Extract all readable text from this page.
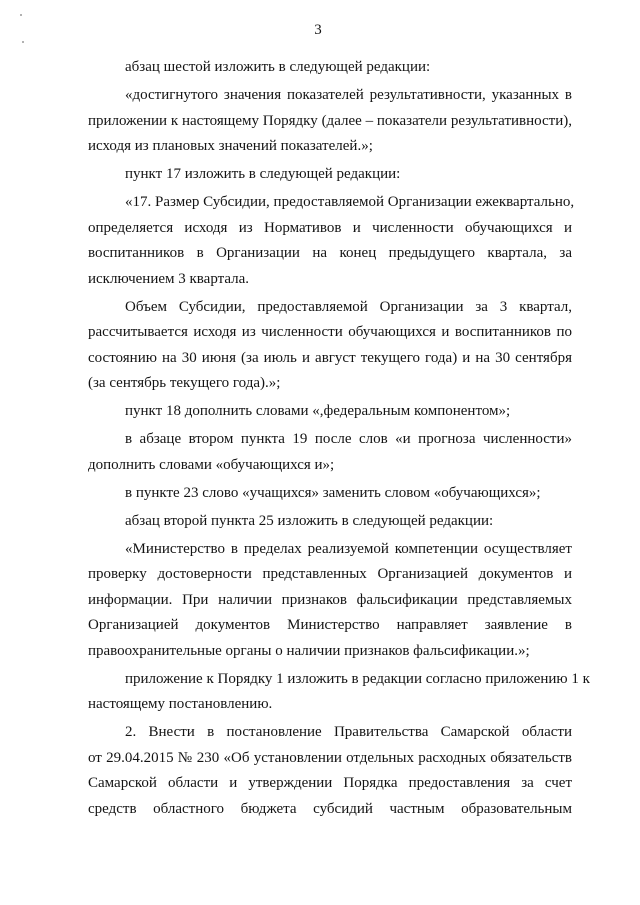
3
абзац шестой изложить в следующей редакции:
«достигнутого значения показателей результативности, указанных в
приложении к настоящему Порядку (далее – показатели результативности),
исходя из плановых значений показателей.»;
пункт 17 изложить в следующей редакции:
«17. Размер Субсидии, предоставляемой Организации ежеквартально,
определяется исходя из Нормативов и численности обучающихся и
воспитанников в Организации на конец предыдущего квартала, за
исключением 3 квартала.
Объем Субсидии, предоставляемой Организации за 3 квартал,
рассчитывается исходя из численности обучающихся и воспитанников по
состоянию на 30 июня (за июль и август текущего года) и на 30 сентября
(за сентябрь текущего года).»;
пункт 18 дополнить словами «,федеральным компонентом»;
в абзаце втором пункта 19 после слов «и прогноза численности»
дополнить словами «обучающихся и»;
в пункте 23 слово «учащихся» заменить словом «обучающихся»;
абзац второй пункта 25 изложить в следующей редакции:
«Министерство в пределах реализуемой компетенции осуществляет
проверку достоверности представленных Организацией документов и
информации. При наличии признаков фальсификации представляемых
Организацией документов Министерство направляет заявление в
правоохранительные органы о наличии признаков фальсификации.»;
приложение к Порядку 1 изложить в редакции согласно приложению 1 к
настоящему постановлению.
2. Внести в постановление Правительства Самарской области
от 29.04.2015 № 230 «Об установлении отдельных расходных обязательств
Самарской области и утверждении Порядка предоставления за счет
средств областного бюджета субсидий частным образовательным
